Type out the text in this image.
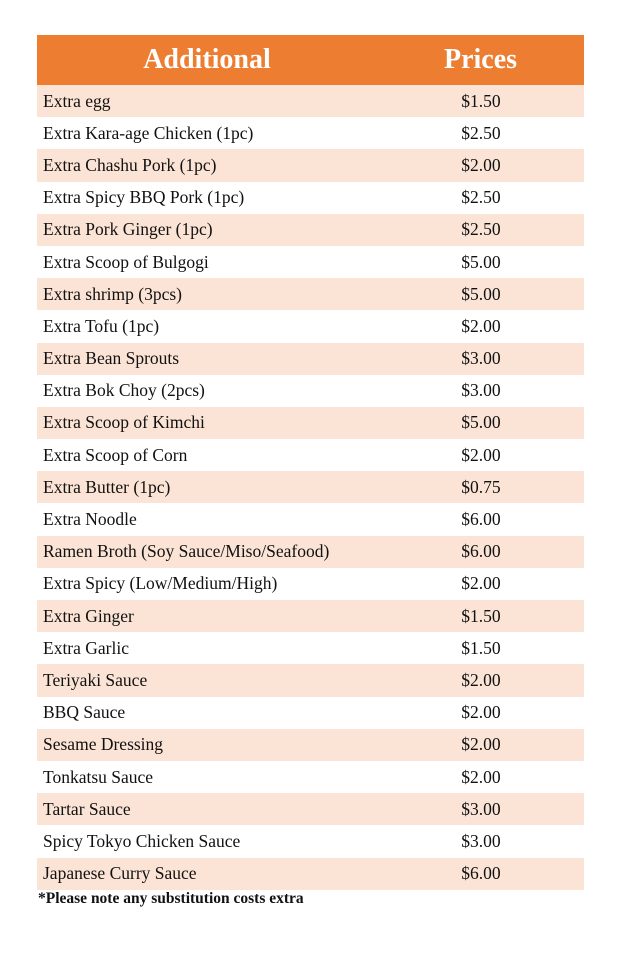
Additional	Prices
Extra egg	$1.50
Extra Kara-age Chicken (1pc)	$2.50
Extra Chashu Pork (1pc)	$2.00
Extra Spicy BBQ Pork (1pc)	$2.50
Extra Pork Ginger (1pc)	$2.50
Extra Scoop of Bulgogi	$5.00
Extra shrimp (3pcs)	$5.00
Extra Tofu (1pc)	$2.00
Extra Bean Sprouts	$3.00
Extra Bok Choy (2pcs)	$3.00
Extra Scoop of Kimchi	$5.00
Extra Scoop of Corn	$2.00
Extra Butter (1pc)	$0.75
Extra Noodle	$6.00
Ramen Broth (Soy Sauce/Miso/Seafood)	$6.00
Extra Spicy (Low/Medium/High)	$2.00
Extra Ginger	$1.50
Extra Garlic	$1.50
Teriyaki Sauce	$2.00
BBQ Sauce	$2.00
Sesame Dressing	$2.00
Tonkatsu Sauce	$2.00
Tartar Sauce	$3.00
Spicy Tokyo Chicken Sauce	$3.00
Japanese Curry Sauce	$6.00
*Please note any substitution costs extra
